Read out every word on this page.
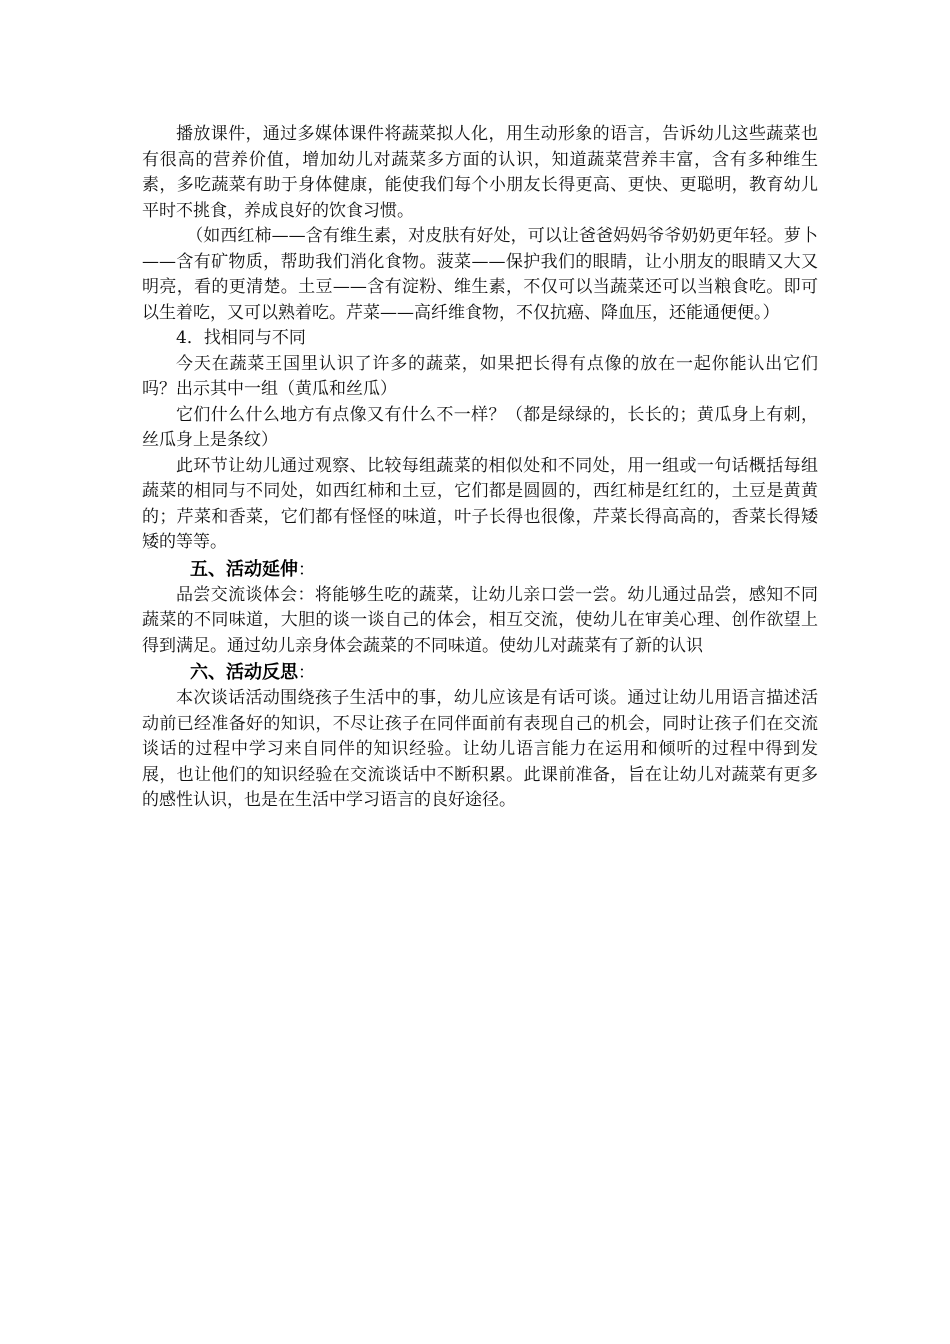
播放课件，通过多媒体课件将蔬菜拟人化，用生动形象的语言，告诉幼儿这些蔬菜也有很高的营养价值，增加幼儿对蔬菜多方面的认识，知道蔬菜营养丰富，含有多种维生素，多吃蔬菜有助于身体健康，能使我们每个小朋友长得更高、更快、更聪明，教育幼儿平时不挑食，养成良好的饮食习惯。

（如西红柿——含有维生素，对皮肤有好处，可以让爸爸妈妈爷爷奶奶更年轻。萝卜——含有矿物质，帮助我们消化食物。菠菜——保护我们的眼睛，让小朋友的眼睛又大又明亮，看的更清楚。土豆——含有淀粉、维生素，不仅可以当蔬菜还可以当粮食吃。即可以生着吃，又可以熟着吃。芹菜——高纤维食物，不仅抗癌、降血压，还能通便便。）

4．找相同与不同

今天在蔬菜王国里认识了许多的蔬菜，如果把长得有点像的放在一起你能认出它们吗？出示其中一组（黄瓜和丝瓜）

它们什么什么地方有点像又有什么不一样？（都是绿绿的，长长的；黄瓜身上有刺，丝瓜身上是条纹）

此环节让幼儿通过观察、比较每组蔬菜的相似处和不同处，用一组或一句话概括每组蔬菜的相同与不同处，如西红柿和土豆，它们都是圆圆的，西红柿是红红的，土豆是黄黄的；芹菜和香菜，它们都有怪怪的味道，叶子长得也很像，芹菜长得高高的，香菜长得矮矮的等等。

五、活动延伸：

品尝交流谈体会：将能够生吃的蔬菜，让幼儿亲口尝一尝。幼儿通过品尝，感知不同蔬菜的不同味道，大胆的谈一谈自己的体会，相互交流，使幼儿在审美心理、创作欲望上得到满足。通过幼儿亲身体会蔬菜的不同味道。使幼儿对蔬菜有了新的认识

六、活动反思：

本次谈话活动围绕孩子生活中的事，幼儿应该是有话可谈。通过让幼儿用语言描述活动前已经准备好的知识，不尽让孩子在同伴面前有表现自己的机会，同时让孩子们在交流谈话的过程中学习来自同伴的知识经验。让幼儿语言能力在运用和倾听的过程中得到发展，也让他们的知识经验在交流谈话中不断积累。此课前准备，旨在让幼儿对蔬菜有更多的感性认识，也是在生活中学习语言的良好途径。
